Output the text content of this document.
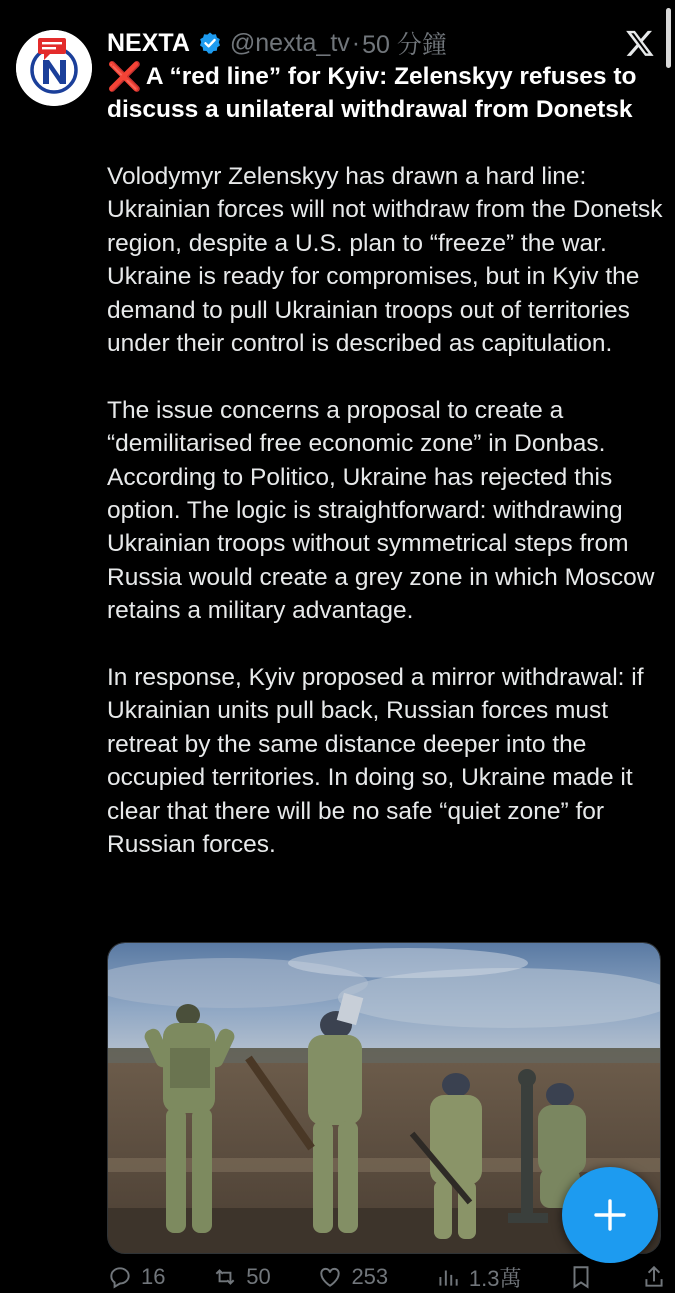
NEXTA @nexta_tv · 50 分鐘
❌ A “red line” for Kyiv: Zelenskyy refuses to discuss a unilateral withdrawal from Donetsk

Volodymyr Zelenskyy has drawn a hard line: Ukrainian forces will not withdraw from the Donetsk region, despite a U.S. plan to “freeze” the war. Ukraine is ready for compromises, but in Kyiv the demand to pull Ukrainian troops out of territories under their control is described as capitulation.

The issue concerns a proposal to create a “demilitarised free economic zone” in Donbas. According to Politico, Ukraine has rejected this option. The logic is straightforward: withdrawing Ukrainian troops without symmetrical steps from Russia would create a grey zone in which Moscow retains a military advantage.

In response, Kyiv proposed a mirror withdrawal: if Ukrainian units pull back, Russian forces must retreat by the same distance deeper into the occupied territories. In doing so, Ukraine made it clear that there will be no safe “quiet zone” for Russian forces.

16	50	253	1.3萬
